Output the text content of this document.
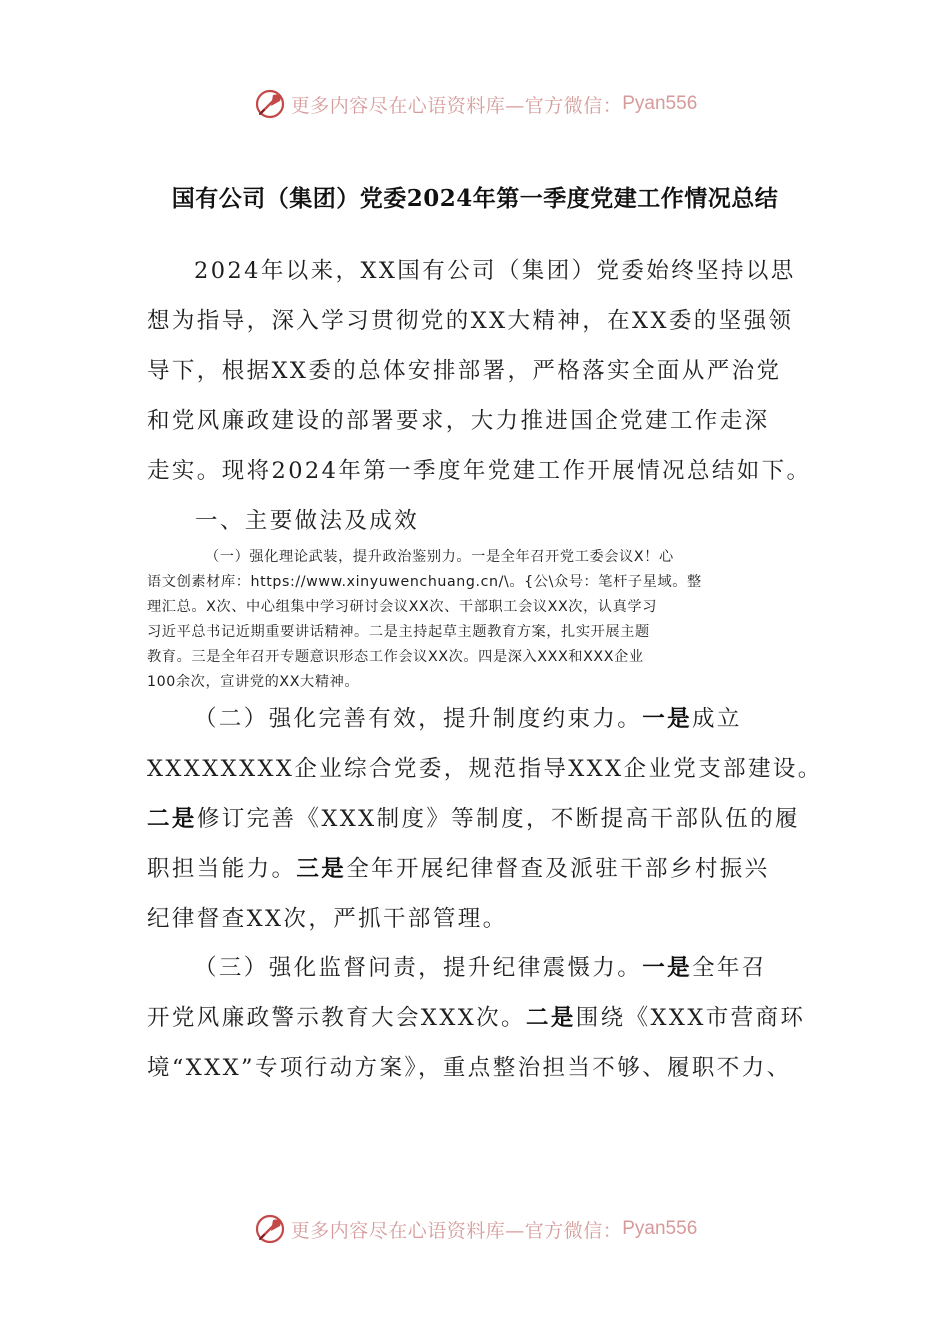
更多内容尽在心语资料库—官方微信： Pyan556
国有公司（集团）党委2024年第一季度党建工作情况总结
2024年以来，XX国有公司（集团）党委始终坚持以思
想为指导，深入学习贯彻党的XX大精神，在XX委的坚强领
导下，根据XX委的总体安排部署，严格落实全面从严治党
和党风廉政建设的部署要求，大力推进国企党建工作走深
走实。现将2024年第一季度年党建工作开展情况总结如下。
一、主要做法及成效
（一）强化理论武装，提升政治鉴别力。一是全年召开党工委会议X！心
语文创素材库：https://www.xinyuwenchuang.cn/\。{公\众号：笔杆子星域。整
理汇总。X次、中心组集中学习研讨会议XX次、干部职工会议XX次，认真学习
习近平总书记近期重要讲话精神。二是主持起草主题教育方案，扎实开展主题
教育。三是全年召开专题意识形态工作会议XX次。四是深入XXX和XXX企业
100余次，宣讲党的XX大精神。
（二）强化完善有效，提升制度约束力。一是成立
XXXXXXXX企业综合党委，规范指导XXX企业党支部建设。
二是修订完善《XXX制度》等制度，不断提高干部队伍的履
职担当能力。三是全年开展纪律督查及派驻干部乡村振兴
纪律督查XX次，严抓干部管理。
（三）强化监督问责，提升纪律震慑力。一是全年召
开党风廉政警示教育大会XXX次。二是围绕《XXX市营商环
境“XXX”专项行动方案》，重点整治担当不够、履职不力、
更多内容尽在心语资料库—官方微信： Pyan556
